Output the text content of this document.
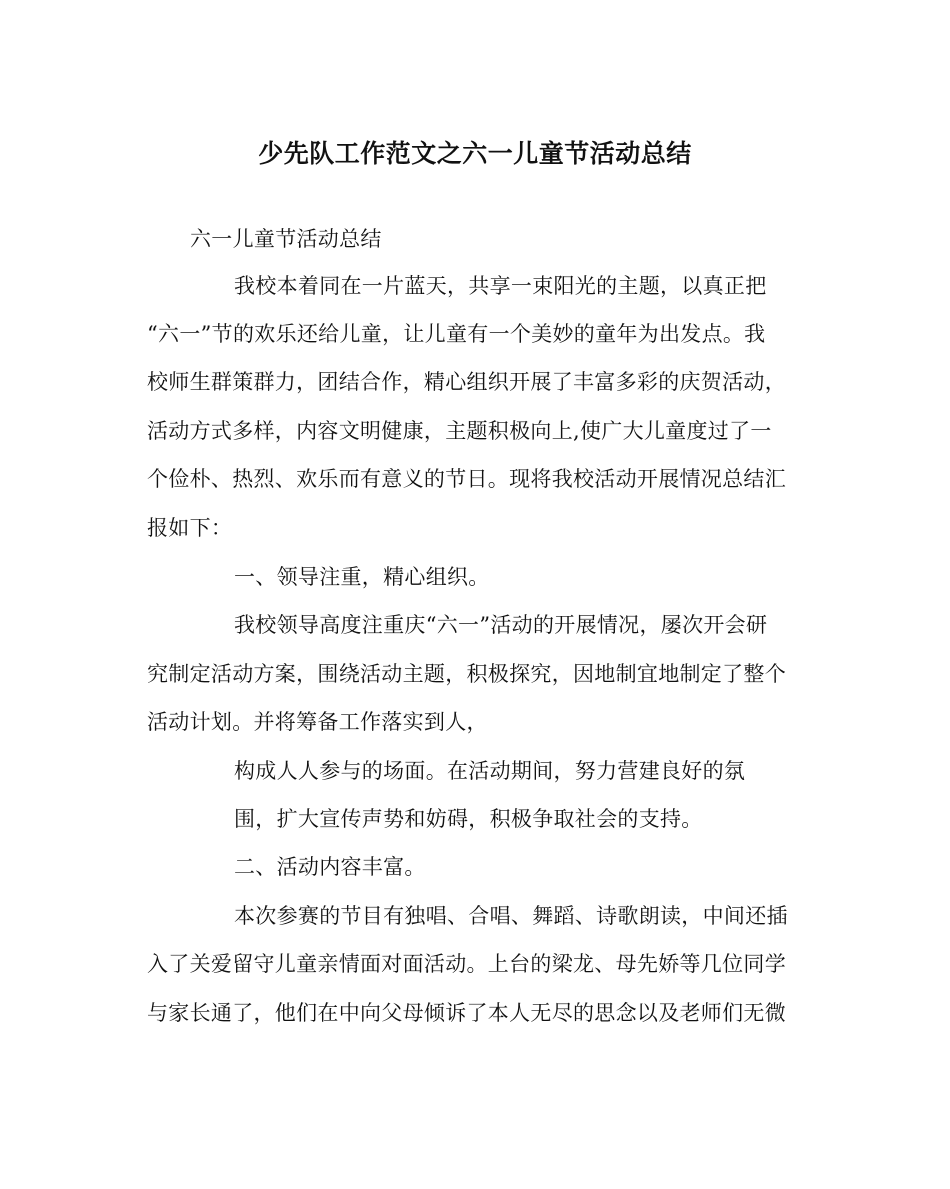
少先队工作范文之六一儿童节活动总结
六一儿童节活动总结
我校本着同在一片蓝天，共享一束阳光的主题，以真正把
“六一”节的欢乐还给儿童，让儿童有一个美妙的童年为出发点。我
校师生群策群力，团结合作，精心组织开展了丰富多彩的庆贺活动，
活动方式多样，内容文明健康，主题积极向上,使广大儿童度过了一
个俭朴、热烈、欢乐而有意义的节日。现将我校活动开展情况总结汇
报如下：
一、领导注重，精心组织。
我校领导高度注重庆“六一”活动的开展情况，屡次开会研
究制定活动方案，围绕活动主题，积极探究，因地制宜地制定了整个
活动计划。并将筹备工作落实到人，
构成人人参与的场面。在活动期间，努力营建良好的氛
围，扩大宣传声势和妨碍，积极争取社会的支持。
二、活动内容丰富。
本次参赛的节目有独唱、合唱、舞蹈、诗歌朗读，中间还插
入了关爱留守儿童亲情面对面活动。上台的梁龙、母先娇等几位同学
与家长通了，他们在中向父母倾诉了本人无尽的思念以及老师们无微
